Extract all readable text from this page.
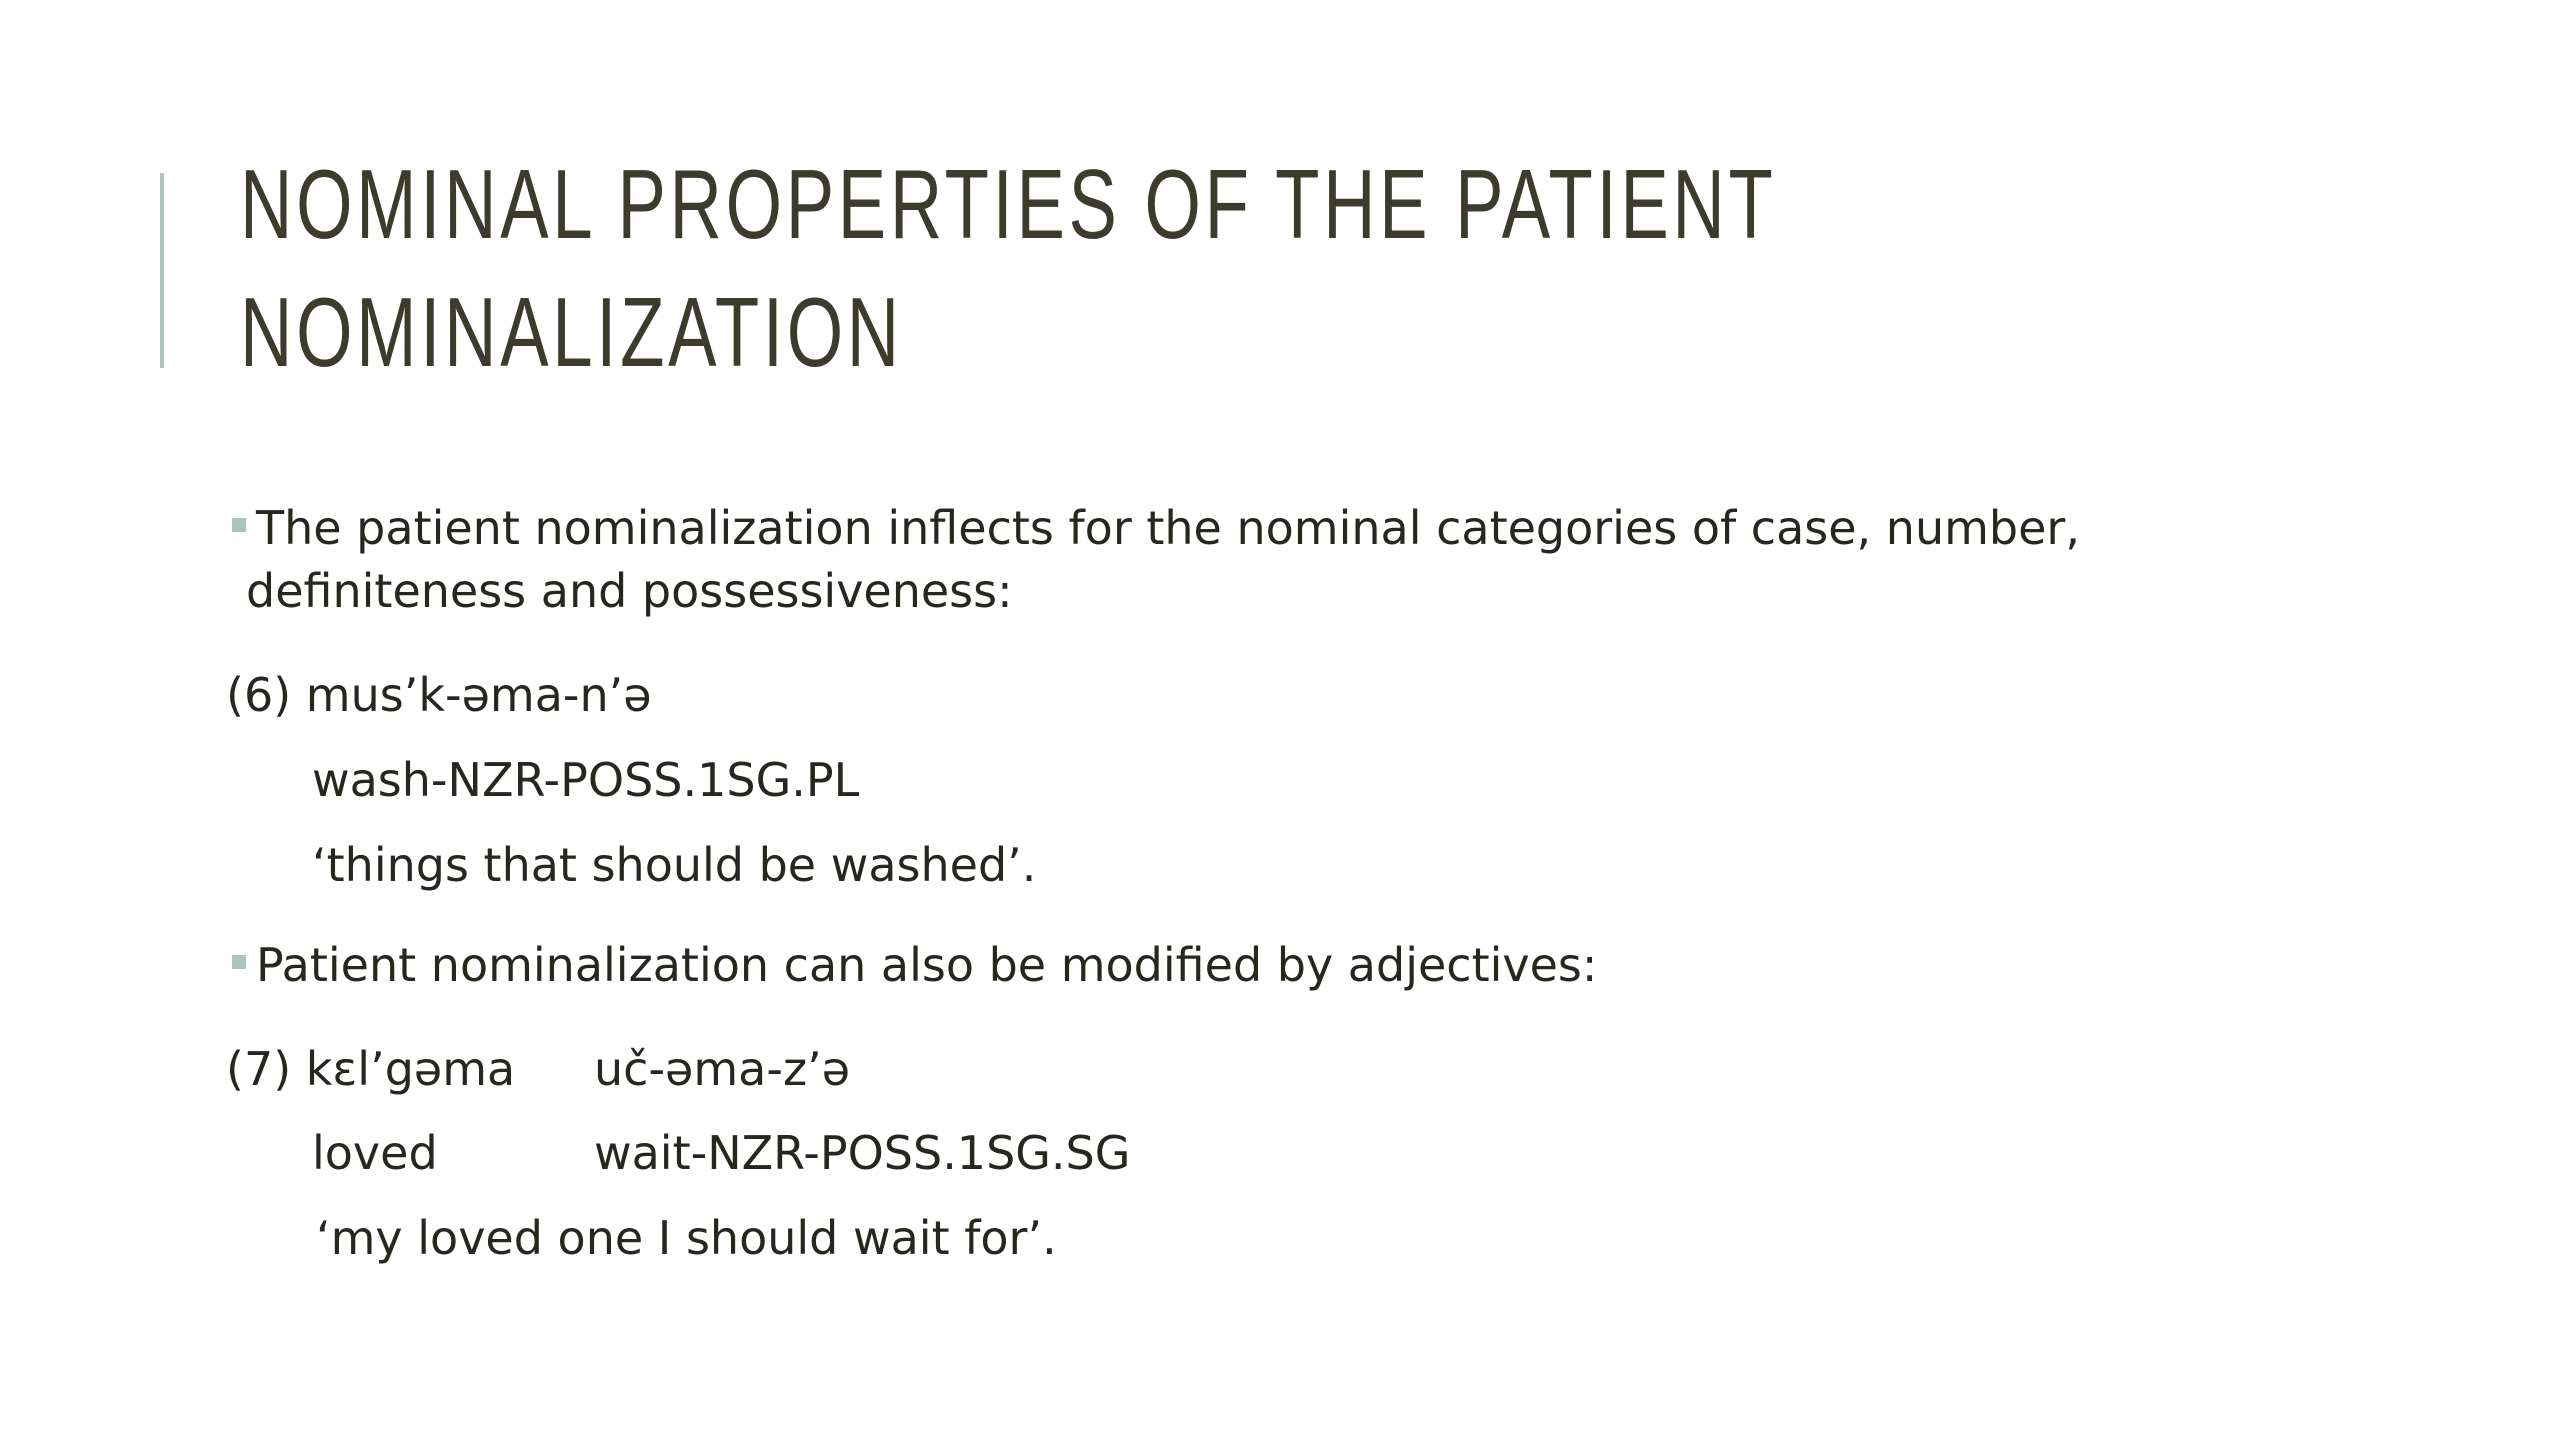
NOMINAL PROPERTIES OF THE PATIENT
NOMINALIZATION
The patient nominalization inflects for the nominal categories of case, number,
definiteness and possessiveness:
(6) mus’k-əma-n’ə
wash-NZR-POSS.1SG.PL
‘things that should be washed’.
Patient nominalization can also be modified by adjectives:
(7) kɛl’gəma uč-əma-z’ə
loved	wait-NZR-POSS.1SG.SG
‘my loved one I should wait for’.
